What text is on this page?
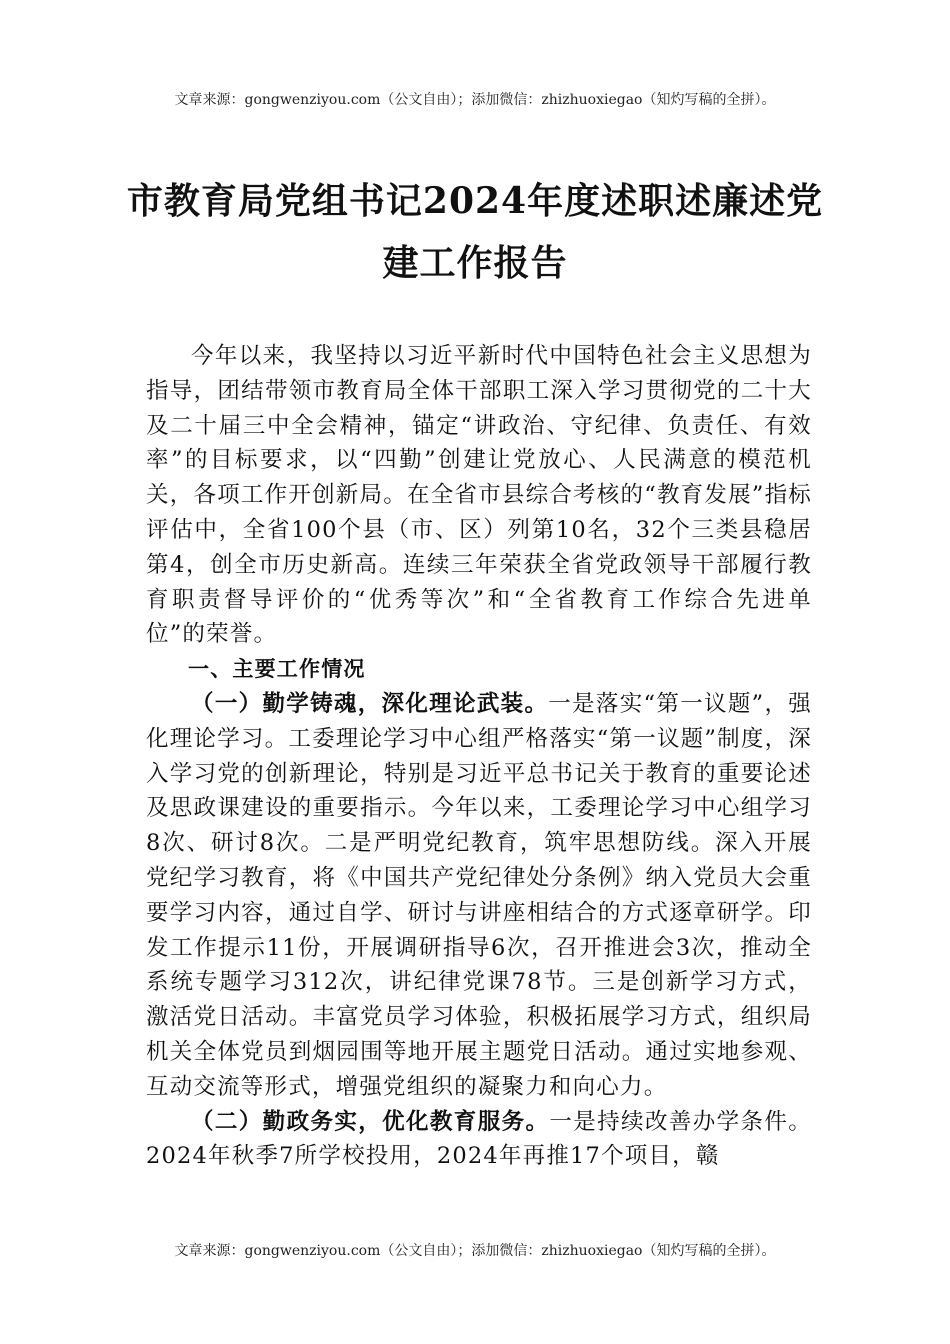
文章来源：gongwenziyou.com（公文自由）；添加微信：zhizhuoxiegao（知灼写稿的全拼）。
市教育局党组书记2024年度述职述廉述党
建工作报告

今年以来，我坚持以习近平新时代中国特色社会主义思想为指导，团结带领市教育局全体干部职工深入学习贯彻党的二十大及二十届三中全会精神，锚定“讲政治、守纪律、负责任、有效率”的目标要求，以“四勤”创建让党放心、人民满意的模范机关，各项工作开创新局。在全省市县综合考核的“教育发展”指标评估中，全省100个县（市、区）列第10名，32个三类县稳居第4，创全市历史新高。连续三年荣获全省党政领导干部履行教育职责督导评价的“优秀等次”和“全省教育工作综合先进单位”的荣誉。

一、主要工作情况

（一）勤学铸魂，深化理论武装。一是落实“第一议题”，强化理论学习。工委理论学习中心组严格落实“第一议题”制度，深入学习党的创新理论，特别是习近平总书记关于教育的重要论述及思政课建设的重要指示。今年以来，工委理论学习中心组学习8次、研讨8次。二是严明党纪教育，筑牢思想防线。深入开展党纪学习教育，将《中国共产党纪律处分条例》纳入党员大会重要学习内容，通过自学、研讨与讲座相结合的方式逐章研学。印发工作提示11份，开展调研指导6次，召开推进会3次，推动全系统专题学习312次，讲纪律党课78节。三是创新学习方式，激活党日活动。丰富党员学习体验，积极拓展学习方式，组织局机关全体党员到烟园围等地开展主题党日活动。通过实地参观、互动交流等形式，增强党组织的凝聚力和向心力。

（二）勤政务实，优化教育服务。一是持续改善办学条件。2024年秋季7所学校投用，2024年再推17个项目，赣

文章来源：gongwenziyou.com（公文自由）；添加微信：zhizhuoxiegao（知灼写稿的全拼）。
